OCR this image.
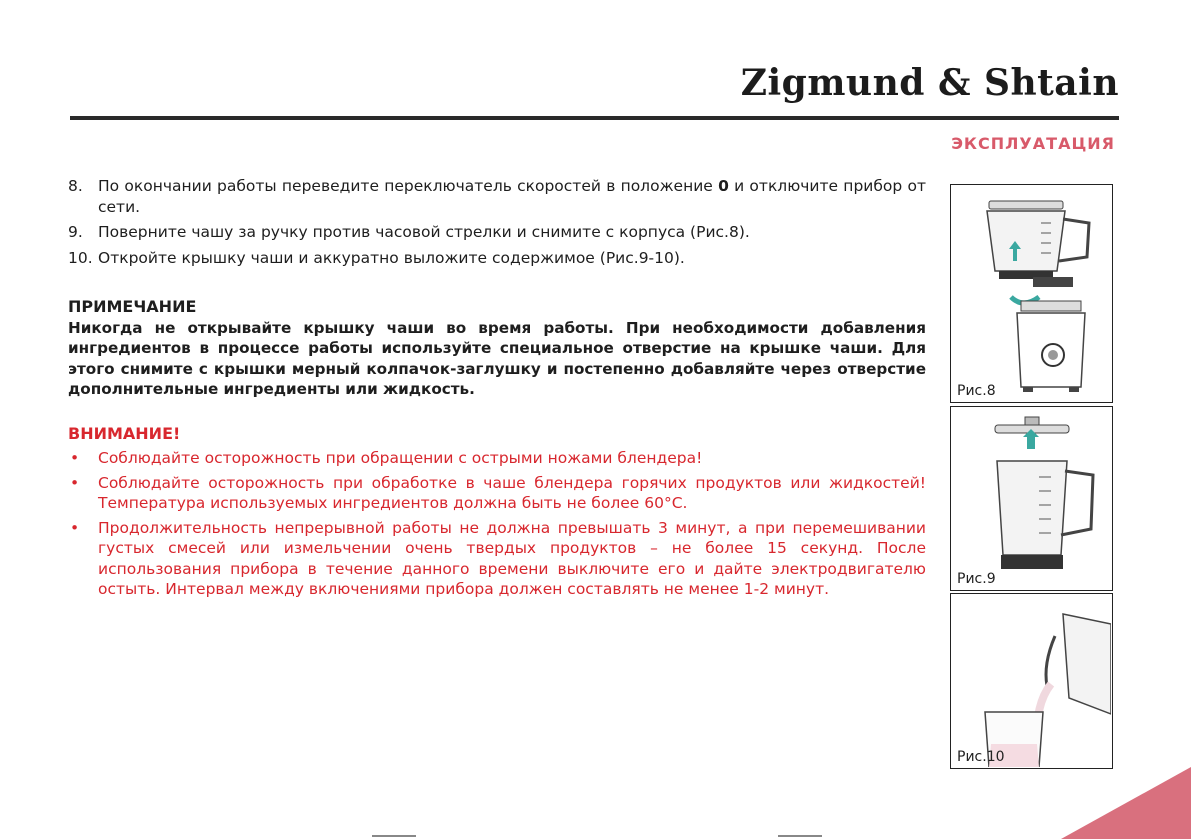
Zigmund & Shtain
ЭКСПЛУАТАЦИЯ
8. По окончании работы переведите переключатель скоростей в положение 0 и отключите прибор от сети.
9. Поверните чашу за ручку против часовой стрелки и снимите с корпуса (Рис.8).
10. Откройте крышку чаши и аккуратно выложите содержимое (Рис.9-10).
ПРИМЕЧАНИЕ
Никогда не открывайте крышку чаши во время работы. При необходимости добавления ингредиентов в процессе работы используйте специальное отверстие на крышке чаши. Для этого снимите с крышки мерный колпачок-заглушку и постепенно добавляйте через отверстие дополнительные ингредиенты или жидкость.
ВНИМАНИЕ!
• Соблюдайте осторожность при обращении с острыми ножами блендера!
• Соблюдайте осторожность при обработке в чаше блендера горячих продуктов или жидкостей! Температура используемых ингредиентов должна быть не более 60°С.
• Продолжительность непрерывной работы не должна превышать 3 минут, а при перемешивании густых смесей или измельчении очень твердых продуктов – не более 15 секунд. После использования прибора в течение данного времени выключите его и дайте электродвигателю остыть. Интервал между включениями прибора должен составлять не менее 1-2 минут.
Рис.8
Рис.9
Рис.10
